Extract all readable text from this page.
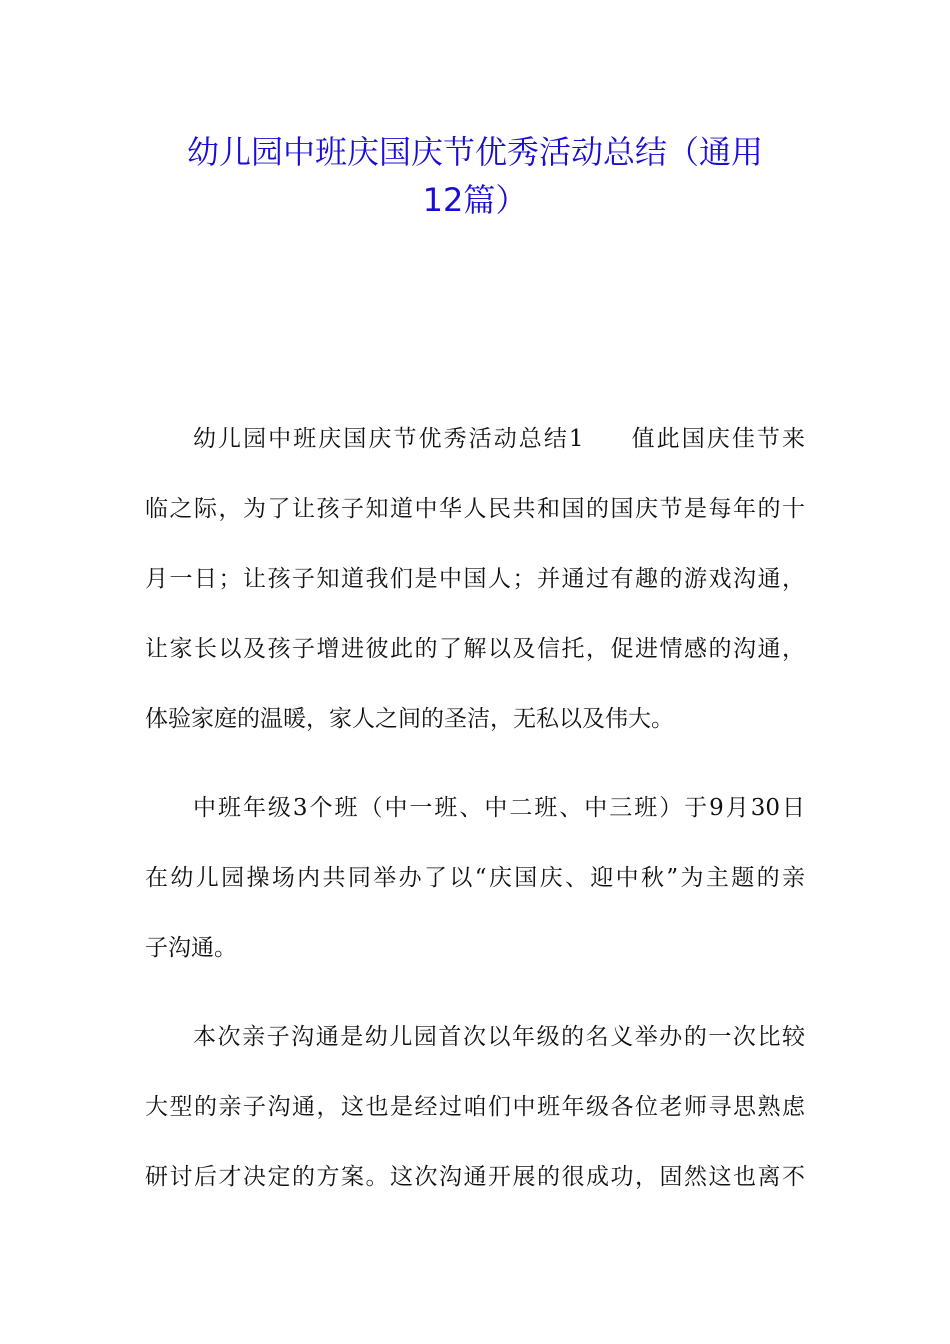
幼儿园中班庆国庆节优秀活动总结（通用
12篇）
幼儿园中班庆国庆节优秀活动总结1 值此国庆佳节来
临之际，为了让孩子知道中华人民共和国的国庆节是每年的十
月一日；让孩子知道我们是中国人；并通过有趣的游戏沟通，
让家长以及孩子增进彼此的了解以及信托，促进情感的沟通，
体验家庭的温暖，家人之间的圣洁，无私以及伟大。
中班年级3个班（中一班、中二班、中三班）于9月30日
在幼儿园操场内共同举办了以“庆国庆、迎中秋”为主题的亲
子沟通。
本次亲子沟通是幼儿园首次以年级的名义举办的一次比较
大型的亲子沟通，这也是经过咱们中班年级各位老师寻思熟虑
研讨后才决定的方案。这次沟通开展的很成功，固然这也离不
